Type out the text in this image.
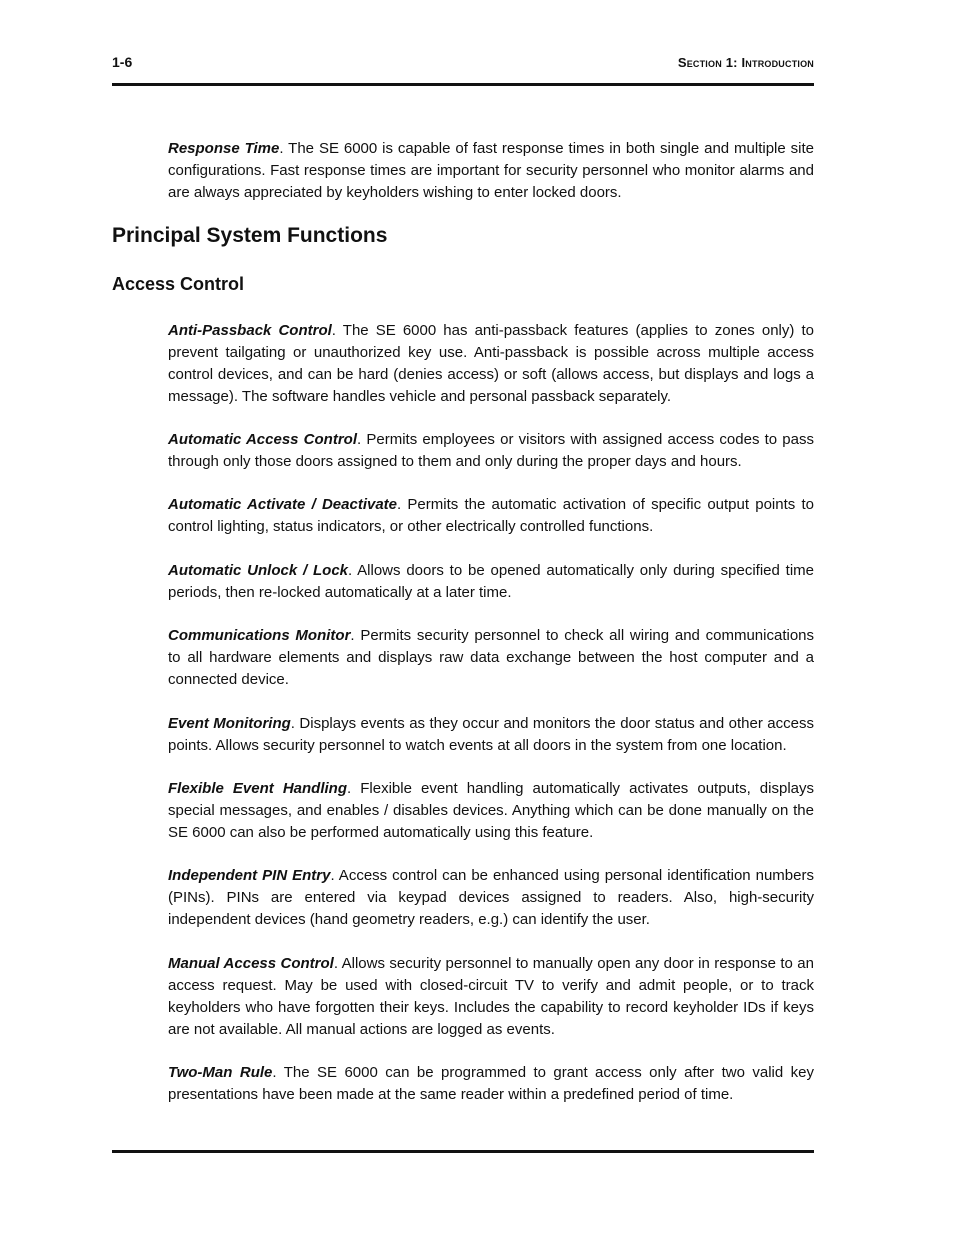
1-6	Section 1: Introduction

Response Time. The SE 6000 is capable of fast response times in both single and multiple site configurations. Fast response times are important for security personnel who monitor alarms and are always appreciated by keyholders wishing to enter locked doors.

Principal System Functions
Access Control

Anti-Passback Control. The SE 6000 has anti-passback features (applies to zones only) to prevent tailgating or unauthorized key use. Anti-passback is possible across multiple access control devices, and can be hard (denies access) or soft (allows access, but displays and logs a message). The software handles vehicle and personal passback separately.

Automatic Access Control. Permits employees or visitors with assigned access codes to pass through only those doors assigned to them and only during the proper days and hours.

Automatic Activate / Deactivate. Permits the automatic activation of specific output points to control lighting, status indicators, or other electrically controlled functions.

Automatic Unlock / Lock. Allows doors to be opened automatically only during specified time periods, then re-locked automatically at a later time.

Communications Monitor. Permits security personnel to check all wiring and communications to all hardware elements and displays raw data exchange between the host computer and a connected device.

Event Monitoring. Displays events as they occur and monitors the door status and other access points. Allows security personnel to watch events at all doors in the system from one location.

Flexible Event Handling. Flexible event handling automatically activates outputs, displays special messages, and enables / disables devices. Anything which can be done manually on the SE 6000 can also be performed automatically using this feature.

Independent PIN Entry. Access control can be enhanced using personal identification numbers (PINs). PINs are entered via keypad devices assigned to readers. Also, high-security independent devices (hand geometry readers, e.g.) can identify the user.

Manual Access Control. Allows security personnel to manually open any door in response to an access request. May be used with closed-circuit TV to verify and admit people, or to track keyholders who have forgotten their keys. Includes the capability to record keyholder IDs if keys are not available. All manual actions are logged as events.

Two-Man Rule. The SE 6000 can be programmed to grant access only after two valid key presentations have been made at the same reader within a predefined period of time.
